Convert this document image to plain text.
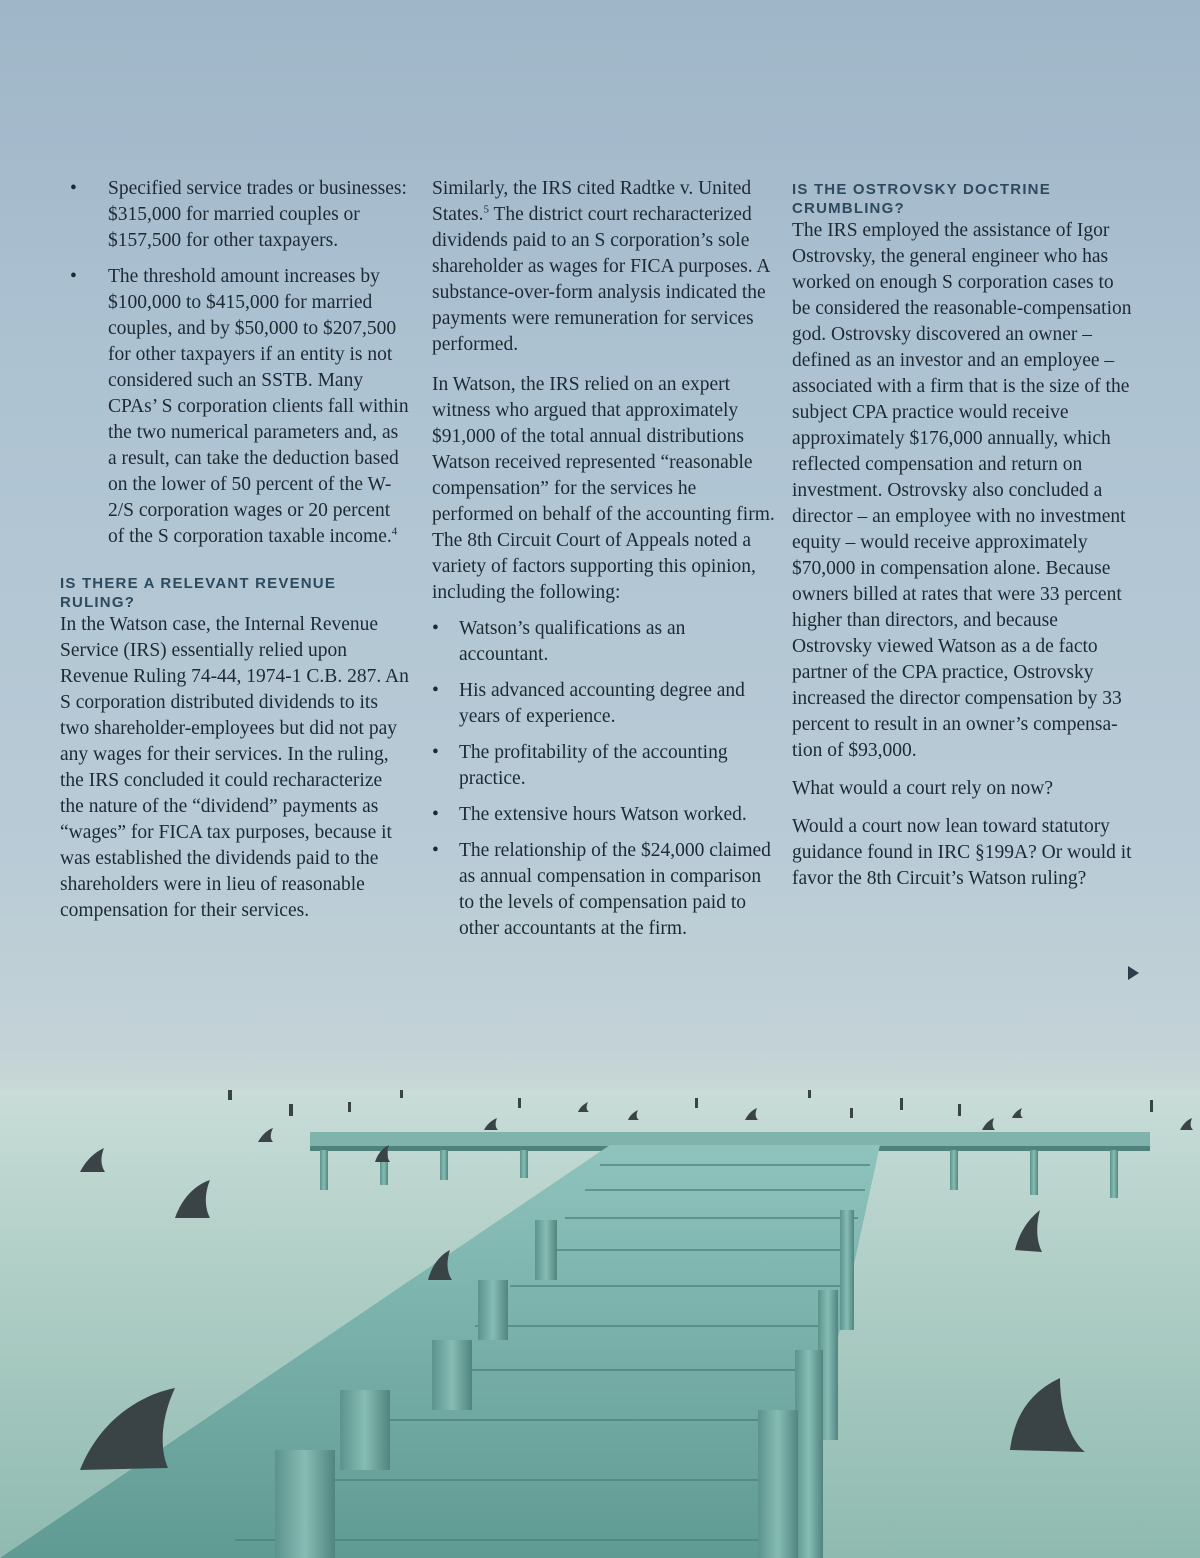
• Specified service trades or businesses: $315,000 for married couples or $157,500 for other taxpayers.
• The threshold amount increases by $100,000 to $415,000 for married couples, and by $50,000 to $207,500 for other taxpayers if an entity is not considered such an SSTB. Many CPAs’ S corporation clients fall within the two numerical parameters and, as a result, can take the deduction based on the lower of 50 percent of the W-2/S corporation wages or 20 percent of the S corporation taxable income.$^4$
IS THERE A RELEVANT REVENUE RULING?

In the Watson case, the Internal Revenue Service (IRS) essentially relied upon Revenue Ruling 74-44, 1974-1 C.B. 287. An S corporation distributed dividends to its two shareholder-employees but did not pay any wages for their services. In the ruling, the IRS concluded it could recharacterize the nature of the “dividend” payments as “wages” for FICA tax purposes, because it was established the dividends paid to the shareholders were in lieu of reasonable compensation for their services.

Similarly, the IRS cited Radtke v. United States.$^5$ The district court recharacterized dividends paid to an S corporation’s sole shareholder as wages for FICA purposes. A substance-over-form analysis indicated the payments were remuneration for services performed.

In Watson, the IRS relied on an expert witness who argued that approximately $91,000 of the total annual distributions Watson received represented “reasonable compensation” for the services he performed on behalf of the accounting firm. The 8th Circuit Court of Appeals noted a variety of factors supporting this opinion, including the following:

• Watson’s qualifications as an accountant.
• His advanced accounting degree and years of experience.
• The profitability of the accounting practice.
• The extensive hours Watson worked.
• The relationship of the $24,000 claimed as annual compensation in comparison to the levels of compensation paid to other accountants at the firm.
IS THE OSTROVSKY DOCTRINE CRUMBLING?

The IRS employed the assistance of Igor Ostrovsky, the general engineer who has worked on enough S corporation cases to be considered the reasonable-compensation god. Ostrovsky discovered an owner – defined as an investor and an employee – associated with a firm that is the size of the subject CPA practice would receive approximately $176,000 annually, which reflected compensation and return on investment. Ostrovsky also concluded a director – an employee with no investment equity – would receive approximately $70,000 in compensation alone. Because owners billed at rates that were 33 percent higher than directors, and because Ostrovsky viewed Watson as a de facto partner of the CPA practice, Ostrovsky increased the director compensation by 33 percent to result in an owner’s compensation of $93,000.

What would a court rely on now?

Would a court now lean toward statutory guidance found in IRC §199A? Or would it favor the 8th Circuit’s Watson ruling?
